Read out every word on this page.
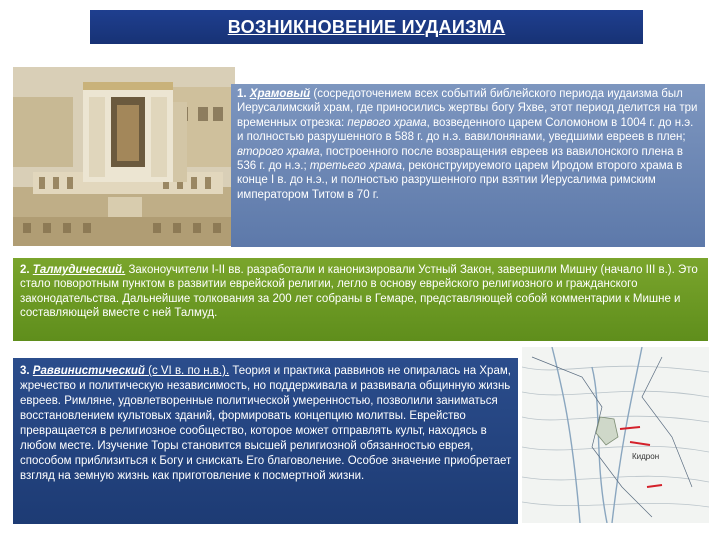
ВОЗНИКНОВЕНИЕ ИУДАИЗМА

1. Храмовый (сосредоточением всех событий библейского периода иудаизма был Иерусалимский храм, где приносились жертвы богу Яхве, этот период делится на три временных отрезка: первого храма, возведенного царем Соломоном в 1004 г. до н.э. и полностью разрушенного в 588 г. до н.э. вавилонянами, уведшими евреев в плен; второго храма, построенного после возвращения евреев из вавилонского плена в 536 г. до н.э.; третьего храма, реконструируемого царем Иродом второго храма в конце I в. до н.э., и полностью разрушенного при взятии Иерусалима римским императором Титом в 70 г.

2. Талмудический. Законоучители I-II вв. разработали и канонизировали Устный Закон, завершили Мишну (начало III в.). Это стало поворотным пунктом в развитии еврейской религии, легло в основу еврейского религиозного и гражданского законодательства. Дальнейшие толкования за 200 лет собраны в Гемаре, представляющей собой комментарии к Мишне и составляющей вместе с ней Талмуд.

3. Раввинистический (с VI в. по н.в.). Теория и практика раввинов не опиралась на Храм, жречество и политическую независимость, но поддерживала и развивала общинную жизнь евреев. Римляне, удовлетворенные политической умеренностью, позволили заниматься восстановлением культовых зданий, формировать концепцию молитвы. Еврейство превращается в религиозное сообщество, которое может отправлять культ, находясь в любом месте. Изучение Торы становится высшей религиозной обязанностью еврея, способом приблизиться к Богу и снискать Его благоволение. Особое значение приобретает взгляд на земную жизнь как приготовление к посмертной жизни.

Кидрон
